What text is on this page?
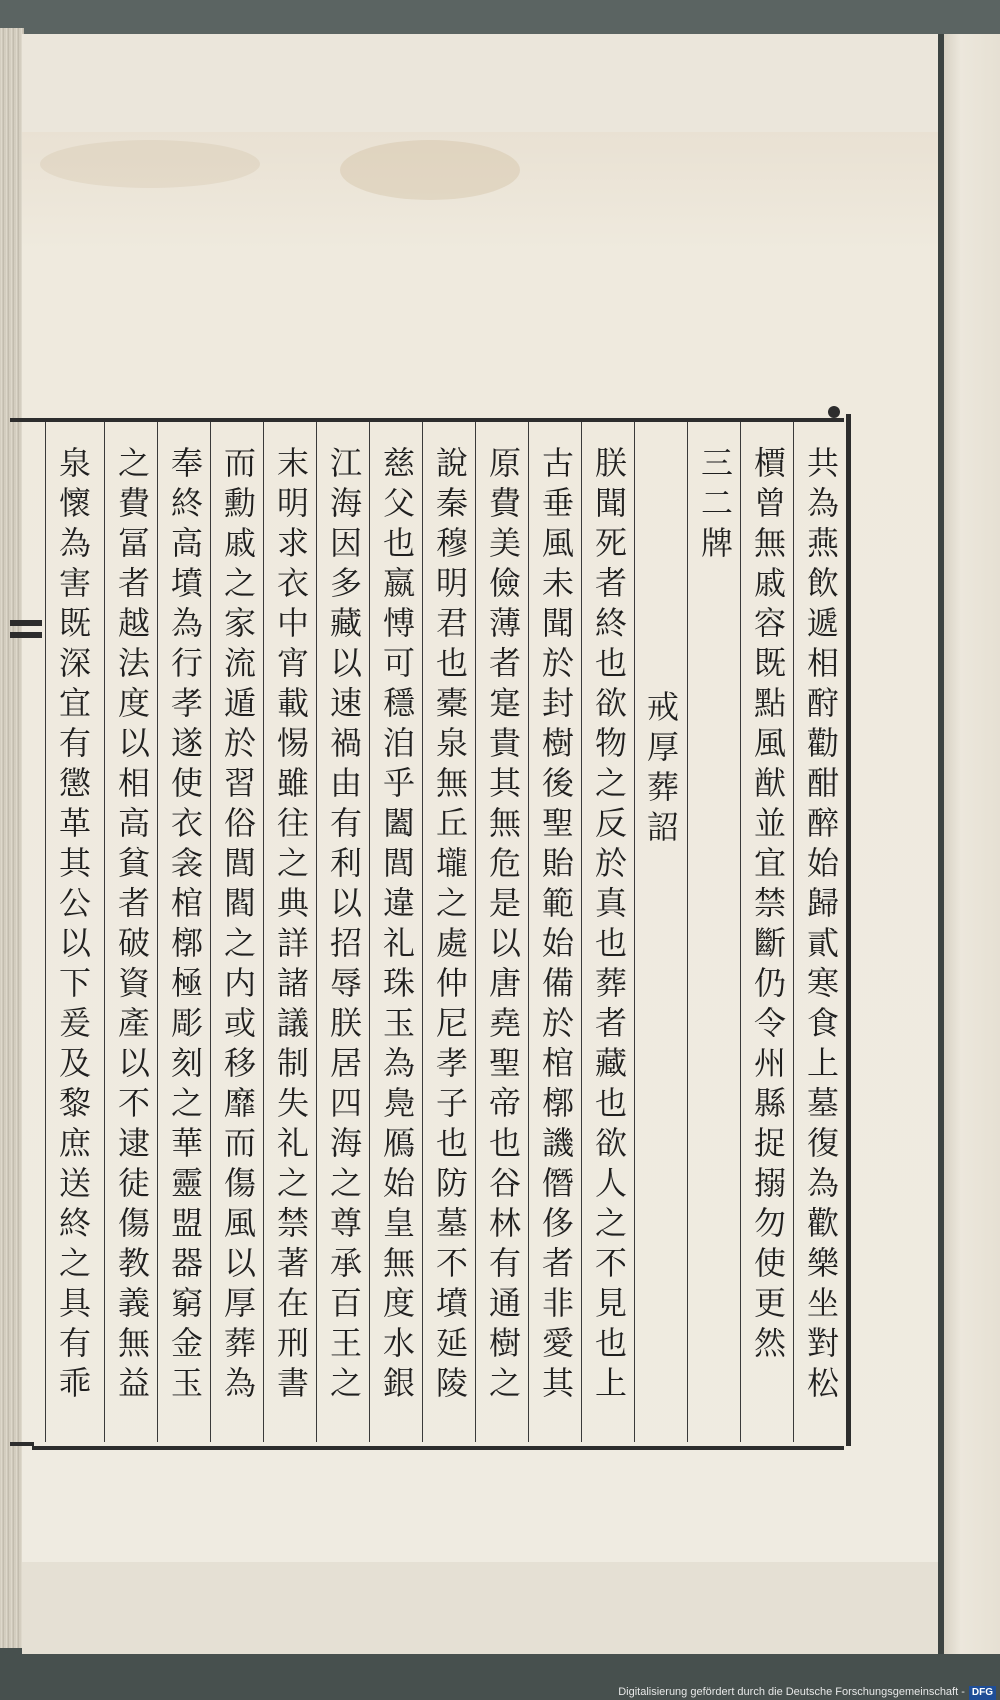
共為燕飲遞相酧勸酣醉始歸貳寒食上墓復為歡樂坐對松
檟曾無戚容既點風猷並宜禁斷仍令州縣捉搦勿使更然
三二牌
戒厚葬詔
朕聞死者終也欲物之反於真也葬者藏也欲人之不見也上
古垂風未聞於封樹後聖貽範始備於棺槨譏僭侈者非愛其
原費美儉薄者寔貴其無危是以唐堯聖帝也谷林有通樹之
說秦穆明君也橐泉無丘壠之處仲尼孝子也防墓不墳延陵
慈父也嬴愽可穩洎乎闔閭違礼珠玉為鳧鴈始皇無度水銀
江海因多藏以速禍由有利以招辱朕居四海之尊承百王之
末明求衣中宵載惕雖往之典詳諸議制失礼之禁著在刑書
而勳戚之家流遁於習俗閭閻之内或移靡而傷風以厚葬為
奉終高墳為行孝遂使衣衾棺槨極彫刻之華靈盟器窮金玉
之費冨者越法度以相高貧者破資產以不逮徒傷教義無益
泉懷為害既深宜有懲革其公以下爰及黎庶送終之具有乖
Digitalisierung gefördert durch die Deutsche Forschungsgemeinschaft - DFG
